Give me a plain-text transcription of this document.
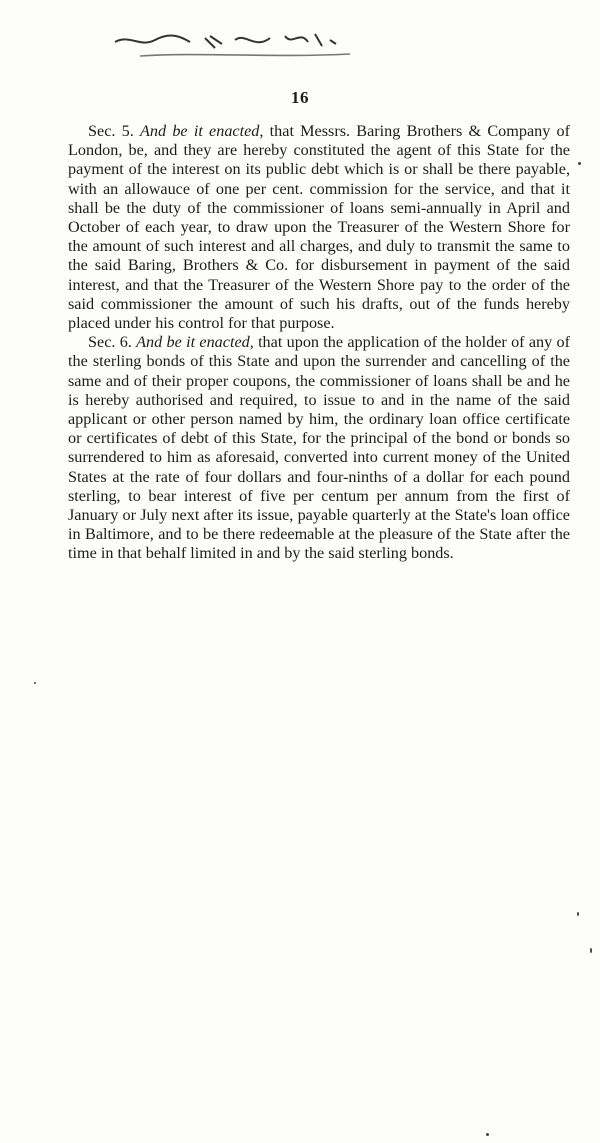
16

Sec. 5. And be it enacted, that Messrs. Baring Brothers & Company of London, be, and they are hereby constituted the agent of this State for the payment of the interest on its public debt which is or shall be there payable, with an allowauce of one per cent. commission for the service, and that it shall be the duty of the commissioner of loans semi-annually in April and October of each year, to draw upon the Treasurer of the Western Shore for the amount of such interest and all charges, and duly to transmit the same to the said Baring, Brothers & Co. for disbursement in payment of the said interest, and that the Treasurer of the Western Shore pay to the order of the said commissioner the amount of such his drafts, out of the funds hereby placed under his control for that purpose.

Sec. 6. And be it enacted, that upon the application of the holder of any of the sterling bonds of this State and upon the surrender and cancelling of the same and of their proper coupons, the commissioner of loans shall be and he is hereby authorised and required, to issue to and in the name of the said applicant or other person named by him, the ordinary loan office certificate or certificates of debt of this State, for the principal of the bond or bonds so surrendered to him as aforesaid, converted into current money of the United States at the rate of four dollars and four-ninths of a dollar for each pound sterling, to bear interest of five per centum per annum from the first of January or July next after its issue, payable quarterly at the State's loan office in Baltimore, and to be there redeemable at the pleasure of the State after the time in that behalf limited in and by the said sterling bonds.
